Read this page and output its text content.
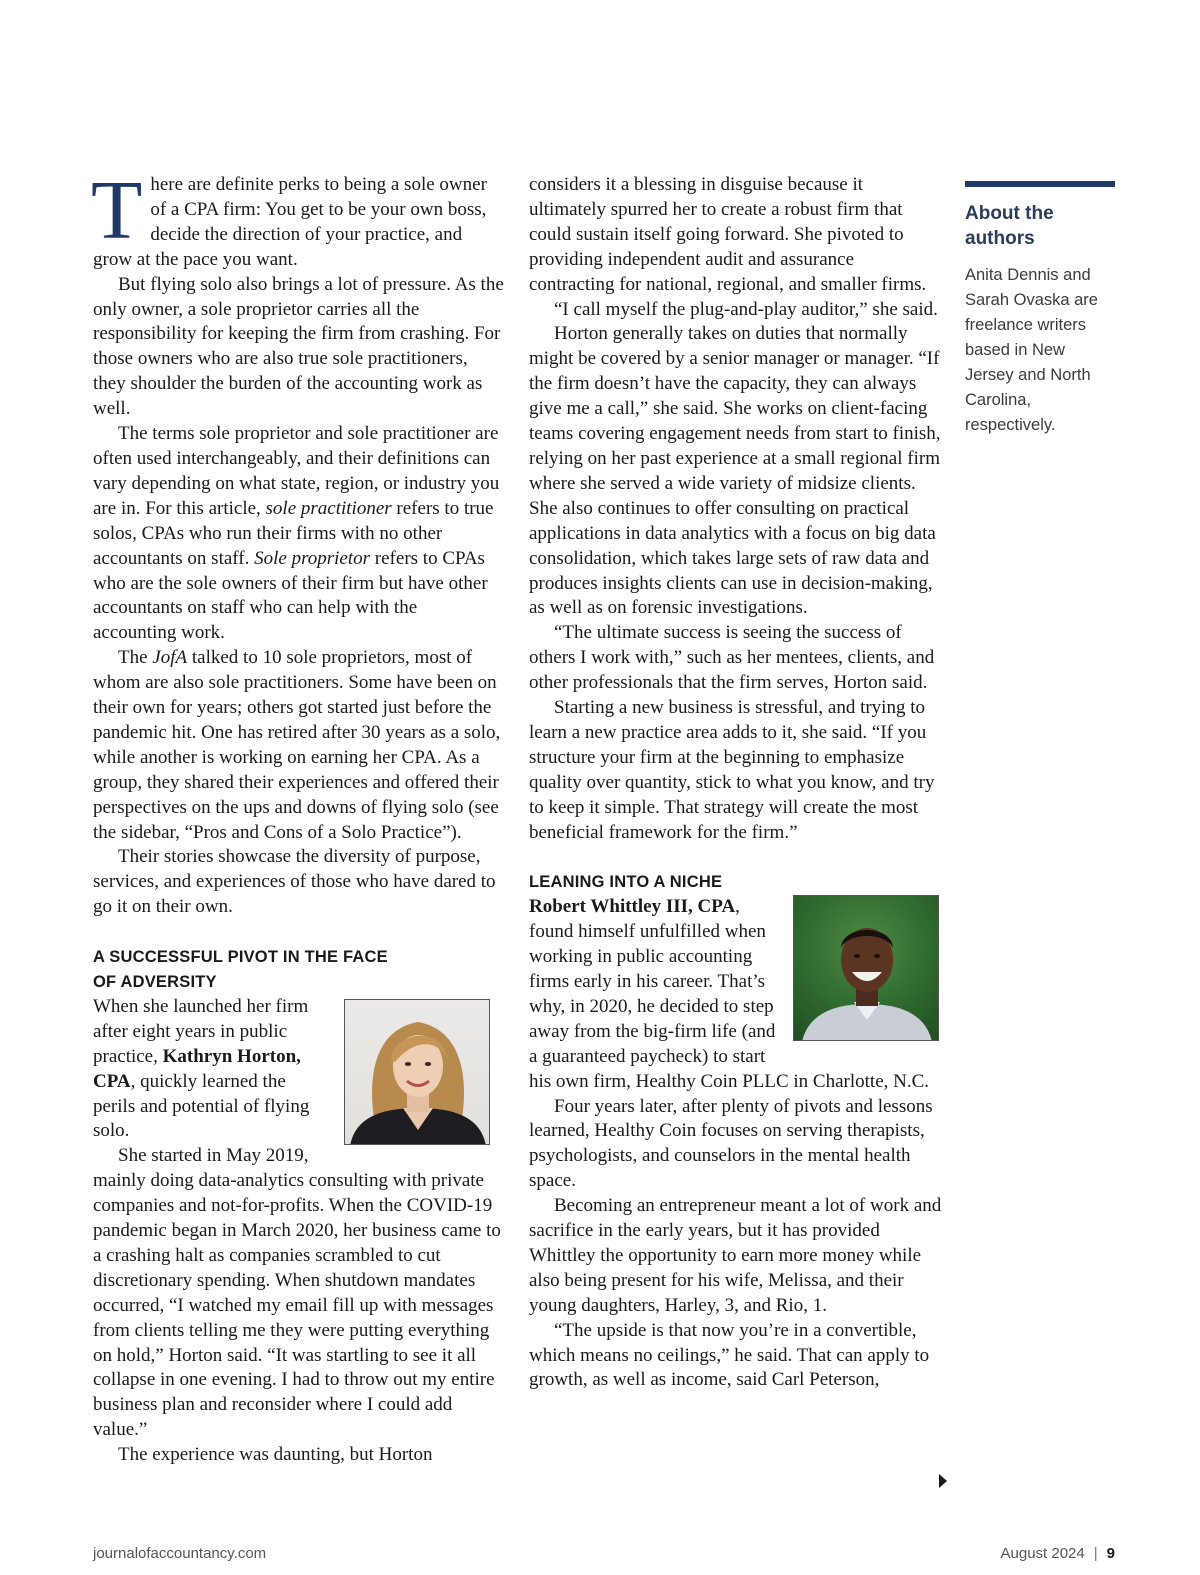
There are definite perks to being a sole owner of a CPA firm: You get to be your own boss, decide the direction of your practice, and grow at the pace you want.

But flying solo also brings a lot of pressure. As the only owner, a sole proprietor carries all the responsibility for keeping the firm from crashing. For those owners who are also true sole practitioners, they shoulder the burden of the accounting work as well.

The terms sole proprietor and sole practitioner are often used interchangeably, and their definitions can vary depending on what state, region, or industry you are in. For this article, sole practitioner refers to true solos, CPAs who run their firms with no other accountants on staff. Sole proprietor refers to CPAs who are the sole owners of their firm but have other accountants on staff who can help with the accounting work.

The JofA talked to 10 sole proprietors, most of whom are also sole practitioners. Some have been on their own for years; others got started just before the pandemic hit. One has retired after 30 years as a solo, while another is working on earning her CPA. As a group, they shared their experiences and offered their perspectives on the ups and downs of flying solo (see the sidebar, “Pros and Cons of a Solo Practice”).

Their stories showcase the diversity of purpose, services, and experiences of those who have dared to go it on their own.

A SUCCESSFUL PIVOT IN THE FACE OF ADVERSITY

When she launched her firm after eight years in public practice, Kathryn Horton, CPA, quickly learned the perils and potential of flying solo.

She started in May 2019, mainly doing data-analytics consulting with private companies and not-for-profits. When the COVID-19 pandemic began in March 2020, her business came to a crashing halt as companies scrambled to cut discretionary spending. When shutdown mandates occurred, “I watched my email fill up with messages from clients telling me they were putting everything on hold,” Horton said. “It was startling to see it all collapse in one evening. I had to throw out my entire business plan and reconsider where I could add value.”

The experience was daunting, but Horton

considers it a blessing in disguise because it ultimately spurred her to create a robust firm that could sustain itself going forward. She pivoted to providing independent audit and assurance contracting for national, regional, and smaller firms.

“I call myself the plug-and-play auditor,” she said.

Horton generally takes on duties that normally might be covered by a senior manager or manager. “If the firm doesn’t have the capacity, they can always give me a call,” she said. She works on client-facing teams covering engagement needs from start to finish, relying on her past experience at a small regional firm where she served a wide variety of midsize clients. She also continues to offer consulting on practical applications in data analytics with a focus on big data consolidation, which takes large sets of raw data and produces insights clients can use in decision-making, as well as on forensic investigations.

“The ultimate success is seeing the success of others I work with,” such as her mentees, clients, and other professionals that the firm serves, Horton said.

Starting a new business is stressful, and trying to learn a new practice area adds to it, she said. “If you structure your firm at the beginning to emphasize quality over quantity, stick to what you know, and try to keep it simple. That strategy will create the most beneficial framework for the firm.”

LEANING INTO A NICHE

Robert Whittley III, CPA, found himself unfulfilled when working in public accounting firms early in his career. That’s why, in 2020, he decided to step away from the big-firm life (and a guaranteed paycheck) to start his own firm, Healthy Coin PLLC in Charlotte, N.C.

Four years later, after plenty of pivots and lessons learned, Healthy Coin focuses on serving therapists, psychologists, and counselors in the mental health space.

Becoming an entrepreneur meant a lot of work and sacrifice in the early years, but it has provided Whittley the opportunity to earn more money while also being present for his wife, Melissa, and their young daughters, Harley, 3, and Rio, 1.

“The upside is that now you’re in a convertible, which means no ceilings,” he said. That can apply to growth, as well as income, said Carl Peterson,

About the authors
Anita Dennis and Sarah Ovaska are freelance writers based in New Jersey and North Carolina, respectively.
journalofaccountancy.com	August 2024 | 9
